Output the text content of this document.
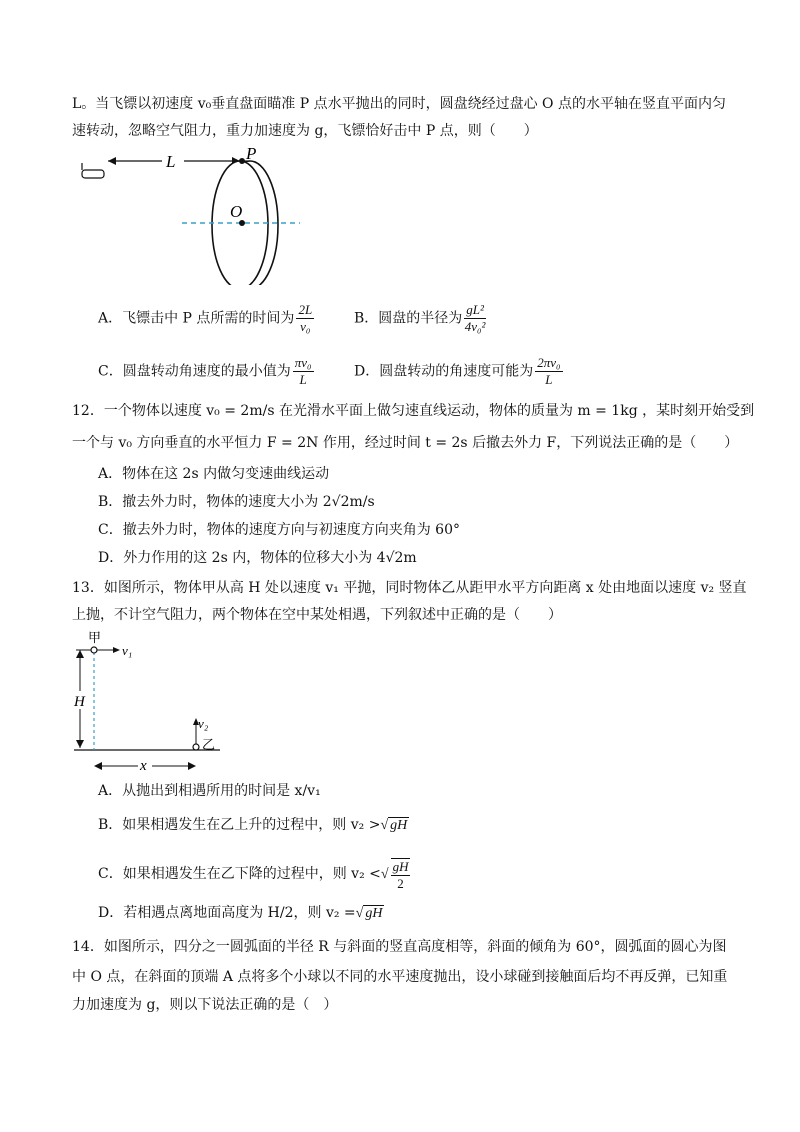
L。当飞镖以初速度 v₀垂直盘面瞄准 P 点水平抛出的同时，圆盘绕经过盘心 O 点的水平轴在竖直平面内匀
速转动，忽略空气阻力，重力加速度为 g，飞镖恰好击中 P 点，则（　　）
L	P
O
A．飞镖击中 P 点所需的时间为 $\frac{2L}{\text{v₀}}$	B．圆盘的半径为 $\frac{\text{gL²}}{\text{4v₀²}}$
C．圆盘转动角速度的最小值为 $\frac{\text{πv₀}}{L}$	D．圆盘转动的角速度可能为 $\frac{\text{2πv₀}}{L}$
12．一个物体以速度 v₀ = 2m/s 在光滑水平面上做匀速直线运动，物体的质量为 m = 1kg ，某时刻开始受到
一个与 v₀ 方向垂直的水平恒力 F = 2N 作用，经过时间 t = 2s 后撤去外力 F，下列说法正确的是（　　）
A．物体在这 2s 内做匀变速曲线运动
B．撤去外力时，物体的速度大小为 2√2m/s
C．撤去外力时，物体的速度方向与初速度方向夹角为 60°
D．外力作用的这 2s 内，物体的位移大小为 4√2m
13．如图所示，物体甲从高 H 处以速度 v₁ 平抛，同时物体乙从距甲水平方向距离 x 处由地面以速度 v₂ 竖直
上抛，不计空气阻力，两个物体在空中某处相遇，下列叙述中正确的是（　　）
H
甲
v₁
v₂
乙
x
A．从抛出到相遇所用的时间是 x/v₁
B．如果相遇发生在乙上升的过程中，则 v₂ >√ gH
C．如果相遇发生在乙下降的过程中，则 v₂ <√ $\frac{gH}{2}$
D．若相遇点离地面高度为 H/2，则 v₂ =√ gH
14．如图所示，四分之一圆弧面的半径 R 与斜面的竖直高度相等，斜面的倾角为 60°，圆弧面的圆心为图
中 O 点，在斜面的顶端 A 点将多个小球以不同的水平速度抛出，设小球碰到接触面后均不再反弹，已知重
力加速度为 g，则以下说法正确的是（　）
